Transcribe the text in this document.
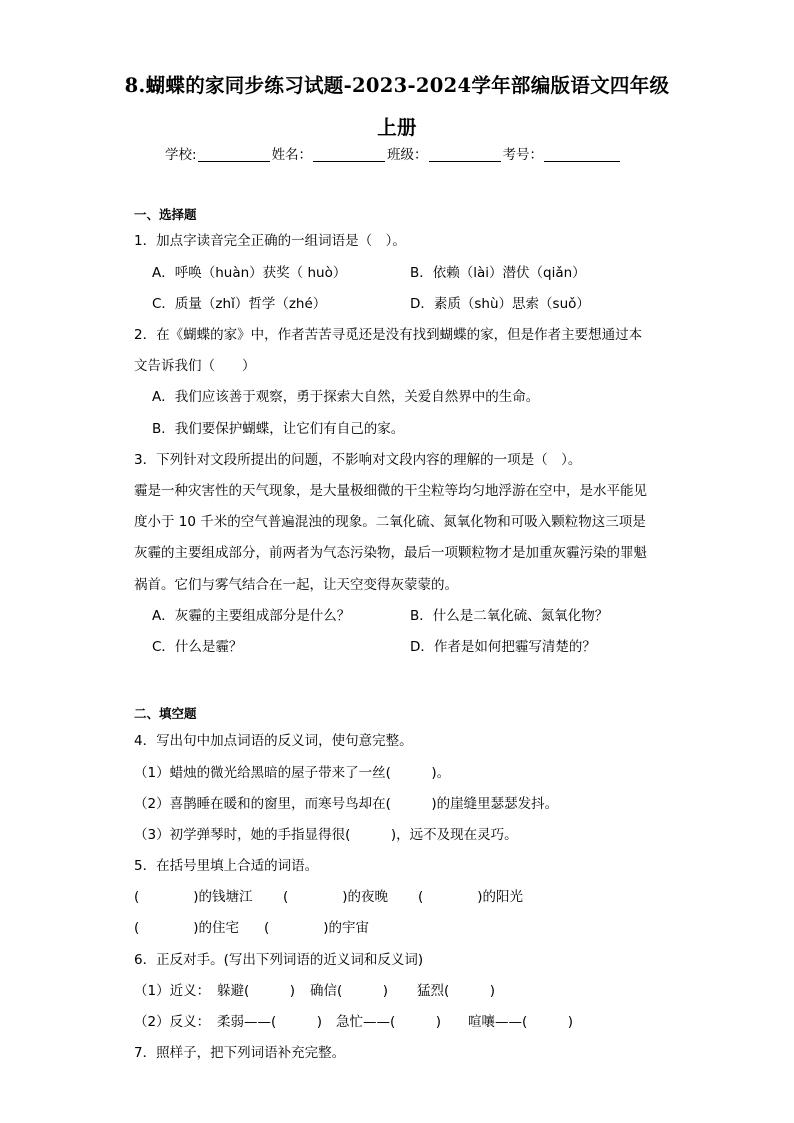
8.蝴蝶的家同步练习试题-2023-2024学年部编版语文四年级
上册
学校:	姓名：	班级：	考号：
一、选择题
1．加点字读音完全正确的一组词语是（　）。
A．呼唤（huàn）获奖（ huò）	B．依赖（lài）潜伏（qiǎn）
C．质量（zhǐ）哲学（zhé）	D．素质（shù）思索（suǒ）
2．在《蝴蝶的家》中，作者苦苦寻觅还是没有找到蝴蝶的家，但是作者主要想通过本
文告诉我们（　　）
A．我们应该善于观察，勇于探索大自然，关爱自然界中的生命。
B．我们要保护蝴蝶，让它们有自己的家。
3．下列针对文段所提出的问题，不影响对文段内容的理解的一项是（　）。
霾是一种灾害性的天气现象，是大量极细微的干尘粒等均匀地浮游在空中，是水平能见
度小于 10 千米的空气普遍混浊的现象。二氧化硫、氮氧化物和可吸入颗粒物这三项是
灰霾的主要组成部分，前两者为气态污染物，最后一项颗粒物才是加重灰霾污染的罪魁
祸首。它们与雾气结合在一起，让天空变得灰蒙蒙的。
A．灰霾的主要组成部分是什么？	B．什么是二氧化硫、氮氧化物？
C．什么是霾？	D．作者是如何把霾写清楚的？
二、填空题
4．写出句中加点词语的反义词，使句意完整。
（1）蜡烛的微光给黑暗的屋子带来了一丝(　　　)。
（2）喜鹊睡在暖和的窗里，而寒号鸟却在(　　　)的崖缝里瑟瑟发抖。
（3）初学弹琴时，她的手指显得很(　　　)，远不及现在灵巧。
5．在括号里填上合适的词语。
(　　　　)的钱塘江 (　　　　)的夜晚 (　　　　)的阳光
(　　　　)的住宅 (　　　　)的宇宙
6．正反对手。(写出下列词语的近义词和反义词)
（1）近义： 躲避(　　　) 确信(　　　) 猛烈(　　　)
（2）反义： 柔弱——(　　　) 急忙——(　　　) 喧嚷——(　　　)
7．照样子，把下列词语补充完整。
